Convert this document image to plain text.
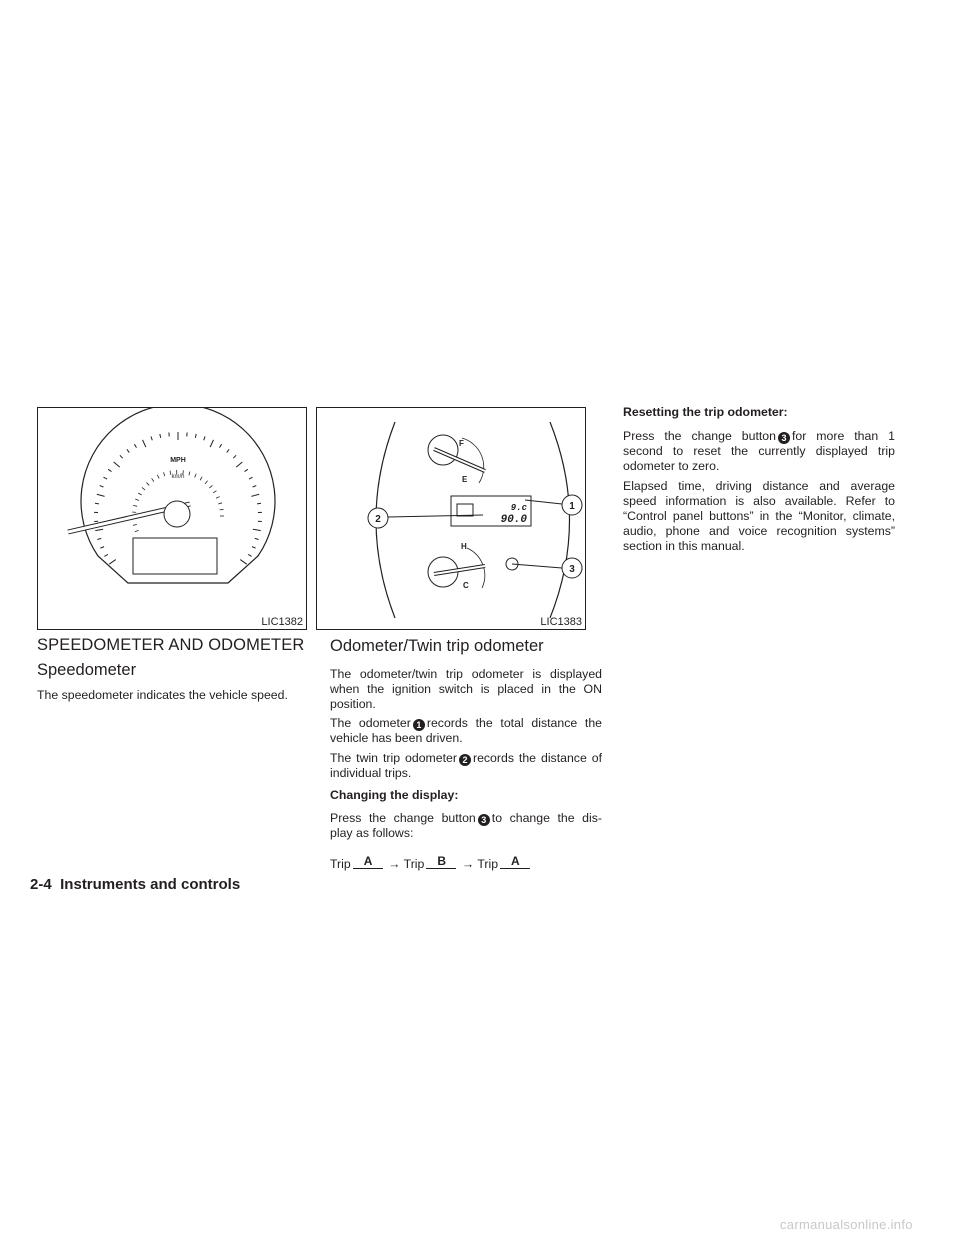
MPH
km/h
LIC1382
F
E
9.c
90.0
H
C
1
2
3
LIC1383
SPEEDOMETER AND ODOMETER
Speedometer
The speedometer indicates the vehicle speed.
Odometer/Twin trip odometer
The odometer/twin trip odometer is displayed when the ignition switch is placed in the ON position.
The odometer 1 records the total distance the vehicle has been driven.
The twin trip odometer 2 records the distance of individual trips.
Changing the display:
Press the change button 3 to change the dis- play as follows:
Trip A → Trip B → Trip A
Resetting the trip odometer:
Press the change button 3 for more than 1 second to reset the currently displayed trip odometer to zero.
Elapsed time, driving distance and average speed information is also available. Refer to “Control panel buttons” in the “Monitor, climate, audio, phone and voice recognition systems” section in this manual.
2-4 Instruments and controls
carmanualsonline.info
